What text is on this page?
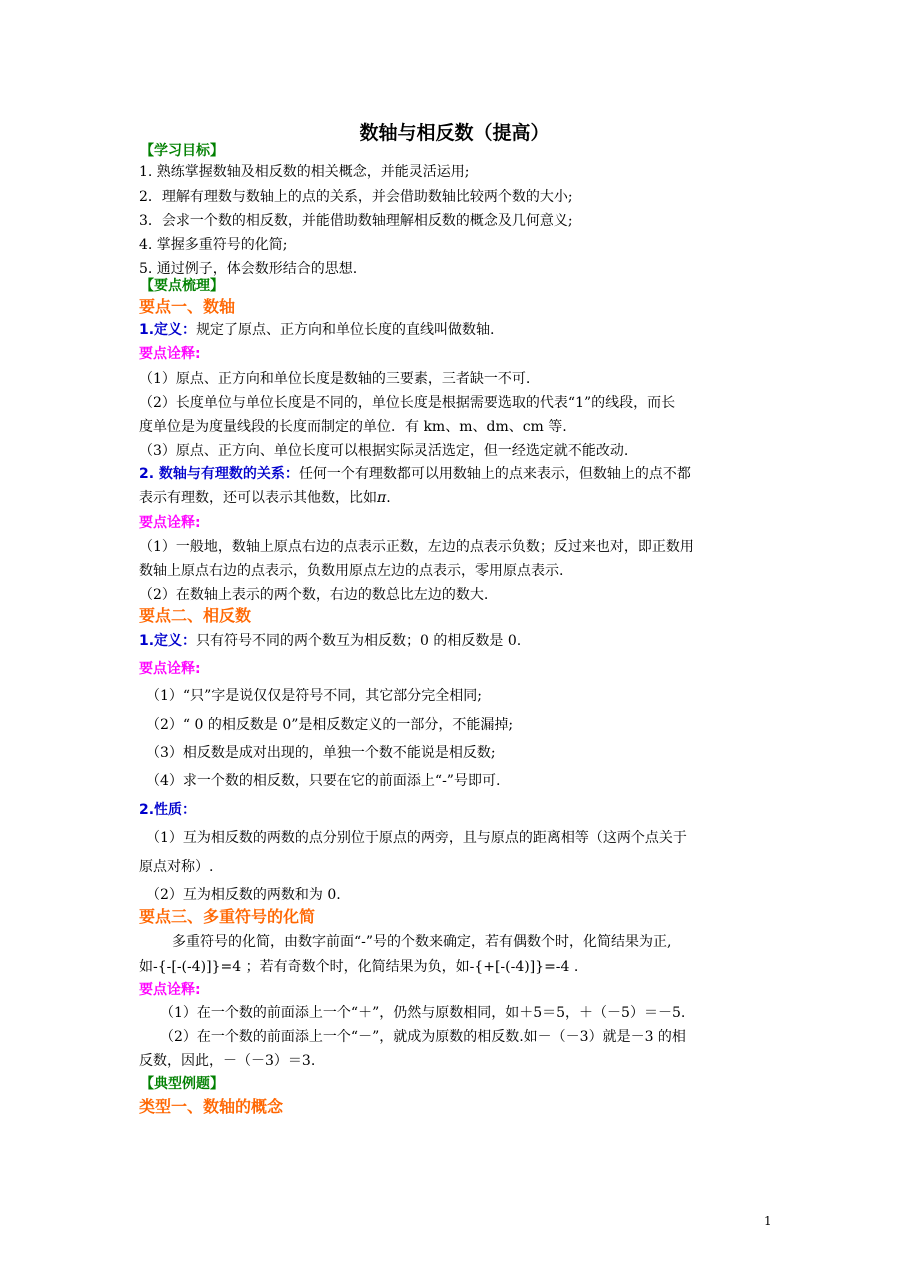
数轴与相反数（提高）
【学习目标】
1. 熟练掌握数轴及相反数的相关概念，并能灵活运用;
2．理解有理数与数轴上的点的关系，并会借助数轴比较两个数的大小;
3．会求一个数的相反数，并能借助数轴理解相反数的概念及几何意义;
4. 掌握多重符号的化简;
5. 通过例子，体会数形结合的思想.
【要点梳理】
要点一、数轴
1.定义：规定了原点、正方向和单位长度的直线叫做数轴.
要点诠释:
（1）原点、正方向和单位长度是数轴的三要素，三者缺一不可.
（2）长度单位与单位长度是不同的，单位长度是根据需要选取的代表“1”的线段，而长
度单位是为度量线段的长度而制定的单位．有 km、m、dm、cm 等.
（3）原点、正方向、单位长度可以根据实际灵活选定，但一经选定就不能改动.
2. 数轴与有理数的关系：任何一个有理数都可以用数轴上的点来表示，但数轴上的点不都
表示有理数，还可以表示其他数，比如π.
要点诠释:
（1）一般地，数轴上原点右边的点表示正数，左边的点表示负数；反过来也对，即正数用
数轴上原点右边的点表示，负数用原点左边的点表示，零用原点表示.
（2）在数轴上表示的两个数，右边的数总比左边的数大.
要点二、相反数
1.定义：只有符号不同的两个数互为相反数；0 的相反数是 0.
要点诠释:
（1）“只”字是说仅仅是符号不同，其它部分完全相同;
（2）“ 0 的相反数是 0”是相反数定义的一部分，不能漏掉;
（3）相反数是成对出现的，单独一个数不能说是相反数;
（4）求一个数的相反数，只要在它的前面添上“-”号即可.
2.性质：
（1）互为相反数的两数的点分别位于原点的两旁，且与原点的距离相等（这两个点关于
原点对称）.
（2）互为相反数的两数和为 0.
要点三、多重符号的化简
多重符号的化简，由数字前面“-”号的个数来确定，若有偶数个时，化简结果为正,
如-{-[-(-4)]}=4 ；若有奇数个时，化简结果为负，如-{+[-(-4)]}=-4 .
要点诠释:
（1）在一个数的前面添上一个“＋”，仍然与原数相同，如＋5＝5，＋（－5）＝－5.
（2）在一个数的前面添上一个“－”，就成为原数的相反数.如－（－3）就是－3 的相
反数，因此，－（－3）＝3.
【典型例题】
类型一、数轴的概念
1
